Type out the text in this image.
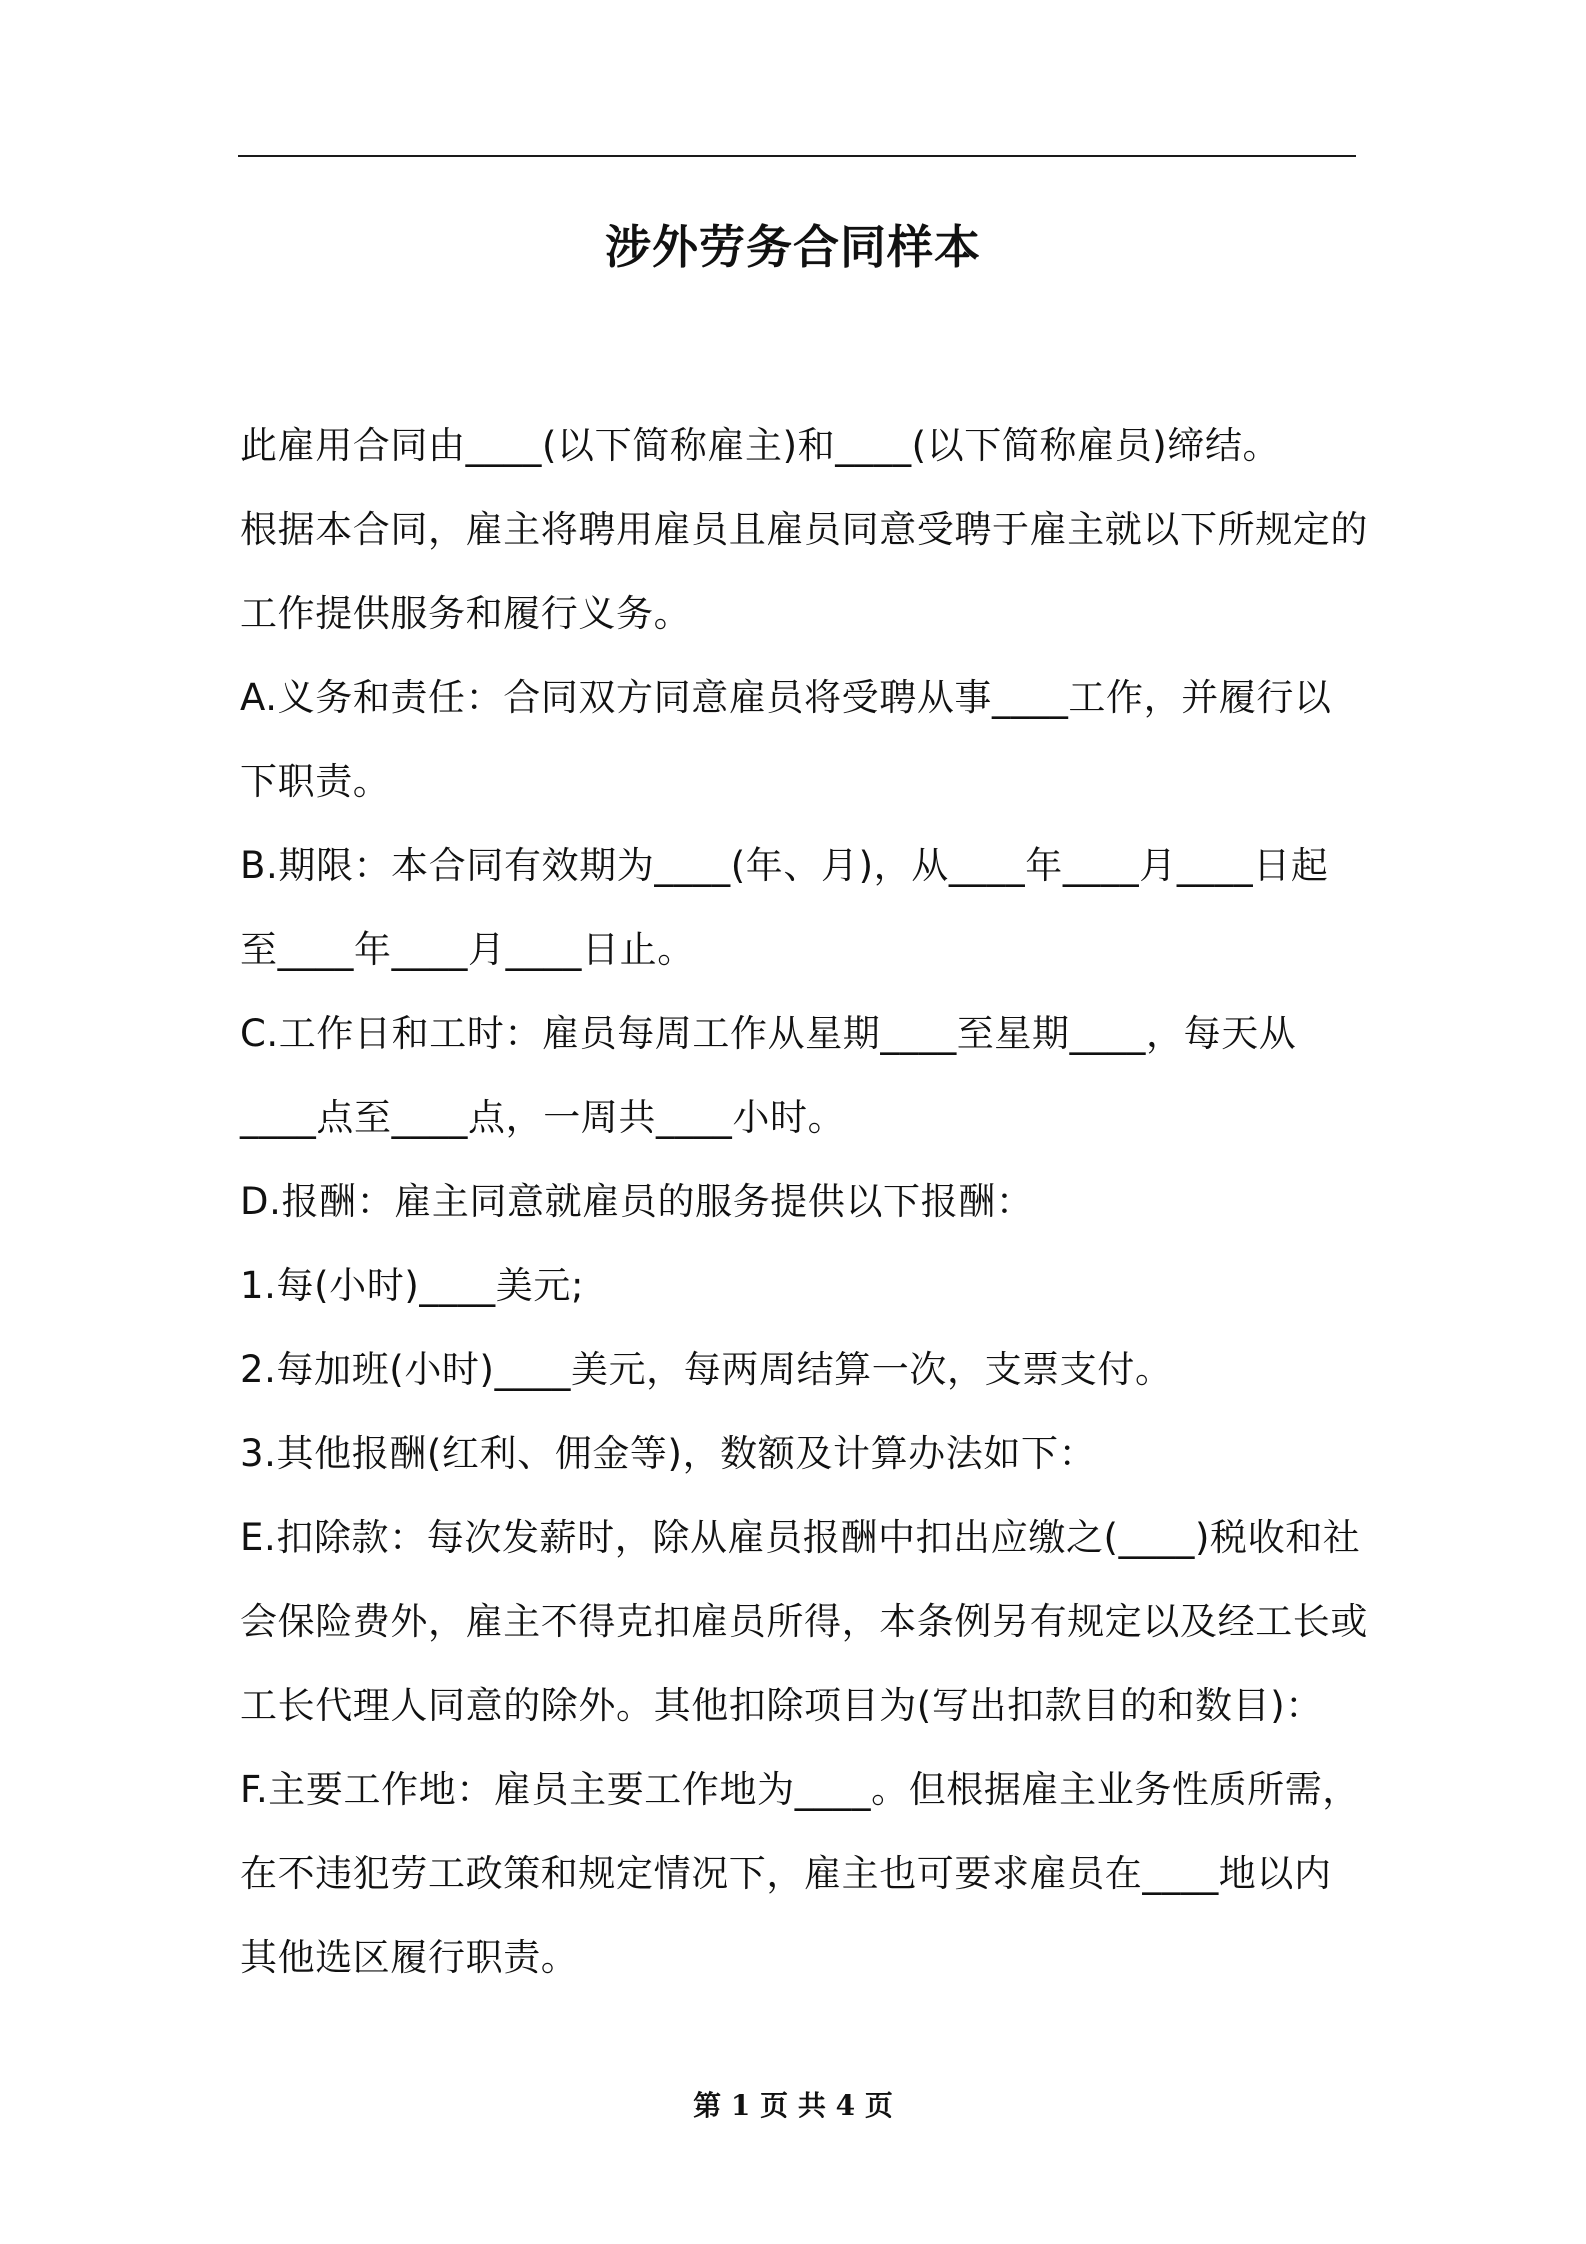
涉外劳务合同样本

此雇用合同由____(以下简称雇主)和____(以下简称雇员)缔结。

根据本合同，雇主将聘用雇员且雇员同意受聘于雇主就以下所规定的

工作提供服务和履行义务。

A.义务和责任：合同双方同意雇员将受聘从事____工作，并履行以

下职责。

B.期限：本合同有效期为____(年、月)，从____年____月____日起

至____年____月____日止。

C.工作日和工时：雇员每周工作从星期____至星期____，每天从

____点至____点，一周共____小时。

D.报酬：雇主同意就雇员的服务提供以下报酬：

1.每(小时)____美元;

2.每加班(小时)____美元，每两周结算一次，支票支付。

3.其他报酬(红利、佣金等)，数额及计算办法如下：

E.扣除款：每次发薪时，除从雇员报酬中扣出应缴之(____)税收和社

会保险费外，雇主不得克扣雇员所得，本条例另有规定以及经工长或

工长代理人同意的除外。其他扣除项目为(写出扣款目的和数目)：

F.主要工作地：雇员主要工作地为____。但根据雇主业务性质所需，

在不违犯劳工政策和规定情况下，雇主也可要求雇员在____地以内

其他选区履行职责。

第 1 页 共 4 页
